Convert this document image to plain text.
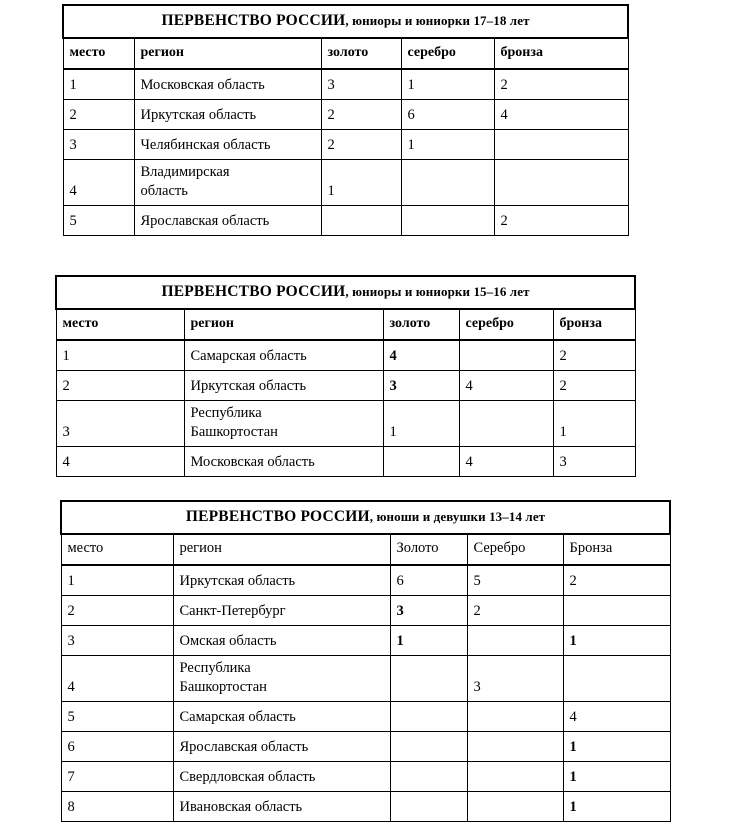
ПЕРВЕНСТВО РОССИИ, юниоры и юниорки 17–18 лет				
место	регион	золото	серебро	бронза
1	Московская область	3	1	2
2	Иркутская область	2	6	4
3	Челябинская область	2	1	
4	Владимирская
область	1		
5	Ярославская область			2
ПЕРВЕНСТВО РОССИИ, юниоры и юниорки 15–16 лет				
место	регион	золото	серебро	бронза
1	Самарская область	4		2
2	Иркутская область	3	4	2
3	Республика
Башкортостан	1		1
4	Московская область		4	3
ПЕРВЕНСТВО РОССИИ, юноши и девушки 13–14 лет				
место	регион	Золото	Серебро	Бронза
1	Иркутская область	6	5	2
2	Санкт-Петербург	3	2	
3	Омская область	1		1
4	Республика
Башкортостан		3	
5	Самарская область			4
6	Ярославская область			1
7	Свердловская область			1
8	Ивановская область			1
